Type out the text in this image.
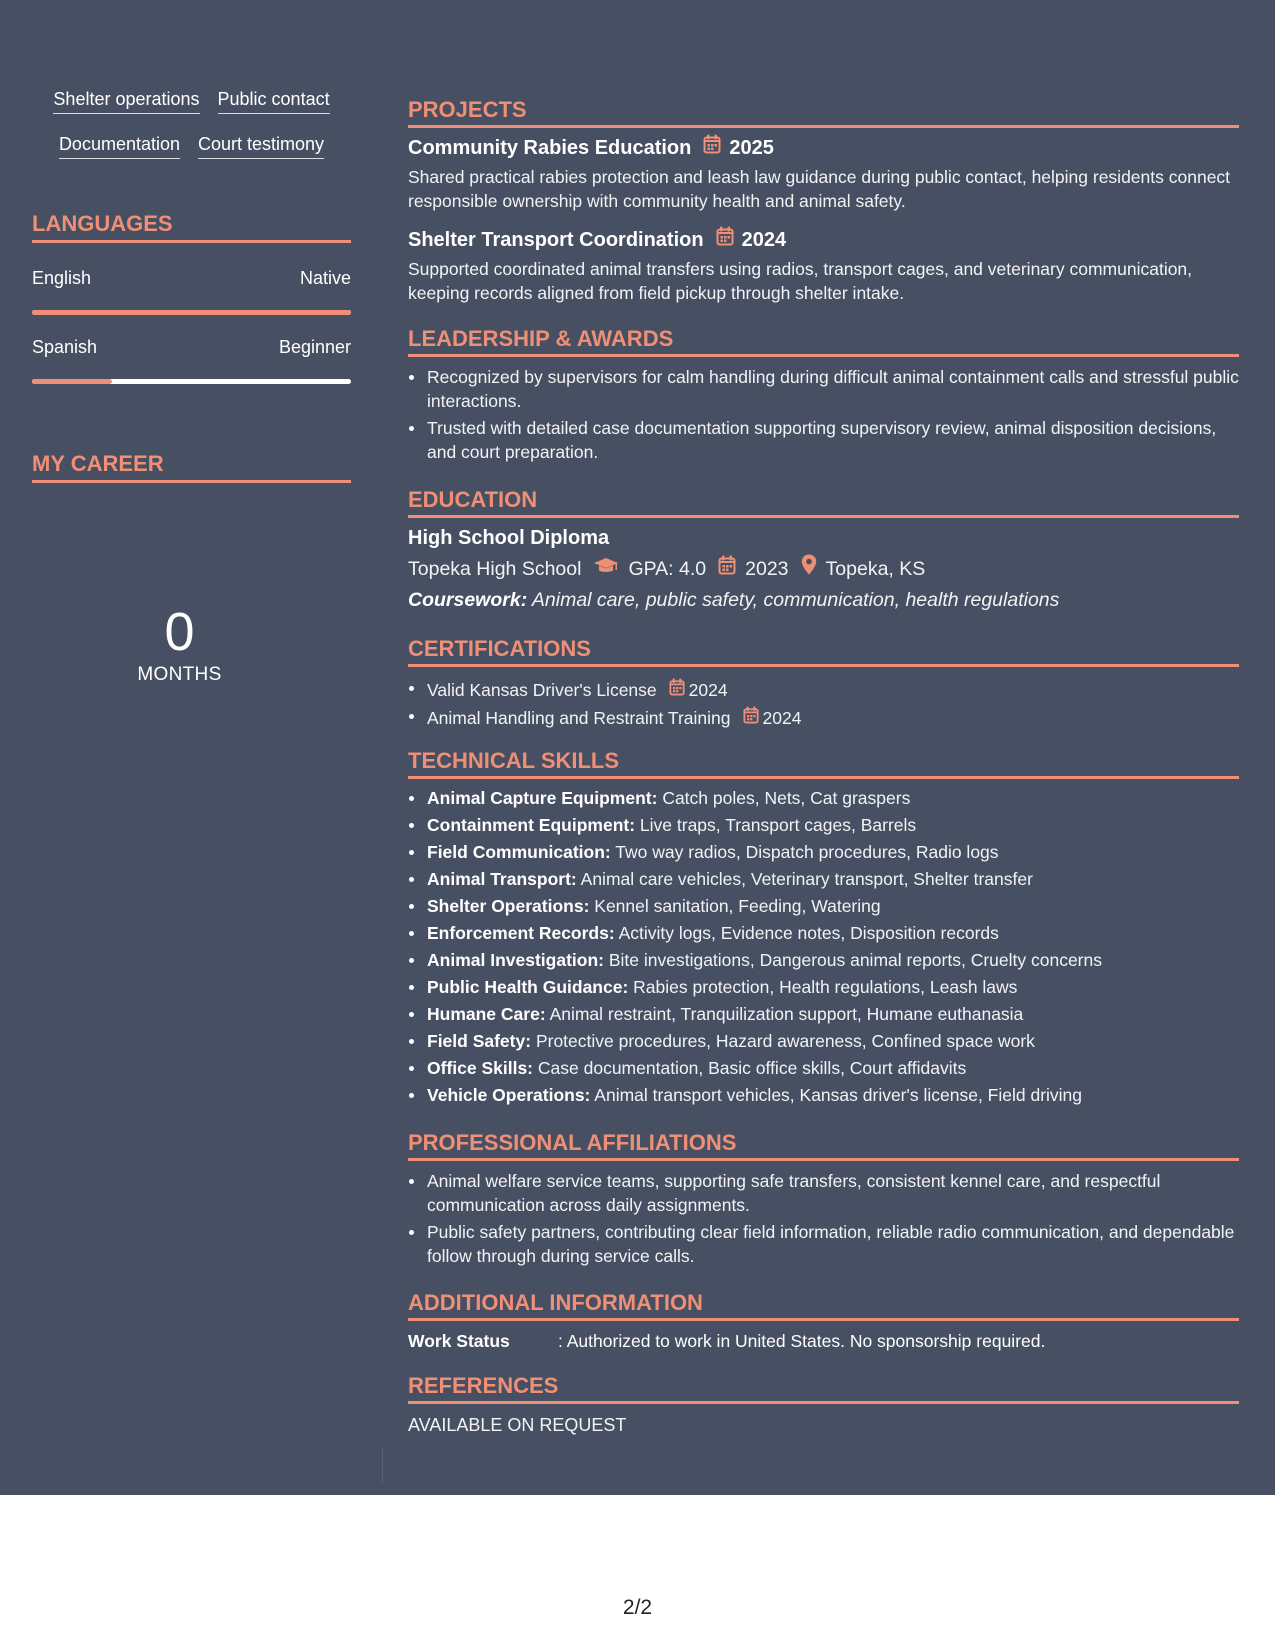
Shelter operations Public contact
Documentation Court testimony
LANGUAGES
English	Native
Spanish	Beginner
MY CAREER
0
MONTHS
PROJECTS
Community Rabies Education 2025
Shared practical rabies protection and leash law guidance during public contact, helping residents connect responsible ownership with community health and animal safety.
Shelter Transport Coordination 2024
Supported coordinated animal transfers using radios, transport cages, and veterinary communication, keeping records aligned from field pickup through shelter intake.
LEADERSHIP & AWARDS
Recognized by supervisors for calm handling during difficult animal containment calls and stressful public interactions.
Trusted with detailed case documentation supporting supervisory review, animal disposition decisions, and court preparation.
EDUCATION
High School Diploma
Topeka High School GPA: 4.0 2023 Topeka, KS
Coursework: Animal care, public safety, communication, health regulations
CERTIFICATIONS
Valid Kansas Driver's License 2024
Animal Handling and Restraint Training 2024
TECHNICAL SKILLS
Animal Capture Equipment: Catch poles, Nets, Cat graspers
Containment Equipment: Live traps, Transport cages, Barrels
Field Communication: Two way radios, Dispatch procedures, Radio logs
Animal Transport: Animal care vehicles, Veterinary transport, Shelter transfer
Shelter Operations: Kennel sanitation, Feeding, Watering
Enforcement Records: Activity logs, Evidence notes, Disposition records
Animal Investigation: Bite investigations, Dangerous animal reports, Cruelty concerns
Public Health Guidance: Rabies protection, Health regulations, Leash laws
Humane Care: Animal restraint, Tranquilization support, Humane euthanasia
Field Safety: Protective procedures, Hazard awareness, Confined space work
Office Skills: Case documentation, Basic office skills, Court affidavits
Vehicle Operations: Animal transport vehicles, Kansas driver's license, Field driving
PROFESSIONAL AFFILIATIONS
Animal welfare service teams, supporting safe transfers, consistent kennel care, and respectful communication across daily assignments.
Public safety partners, contributing clear field information, reliable radio communication, and dependable follow through during service calls.
ADDITIONAL INFORMATION
Work Status	: Authorized to work in United States. No sponsorship required.
REFERENCES
AVAILABLE ON REQUEST
2/2
